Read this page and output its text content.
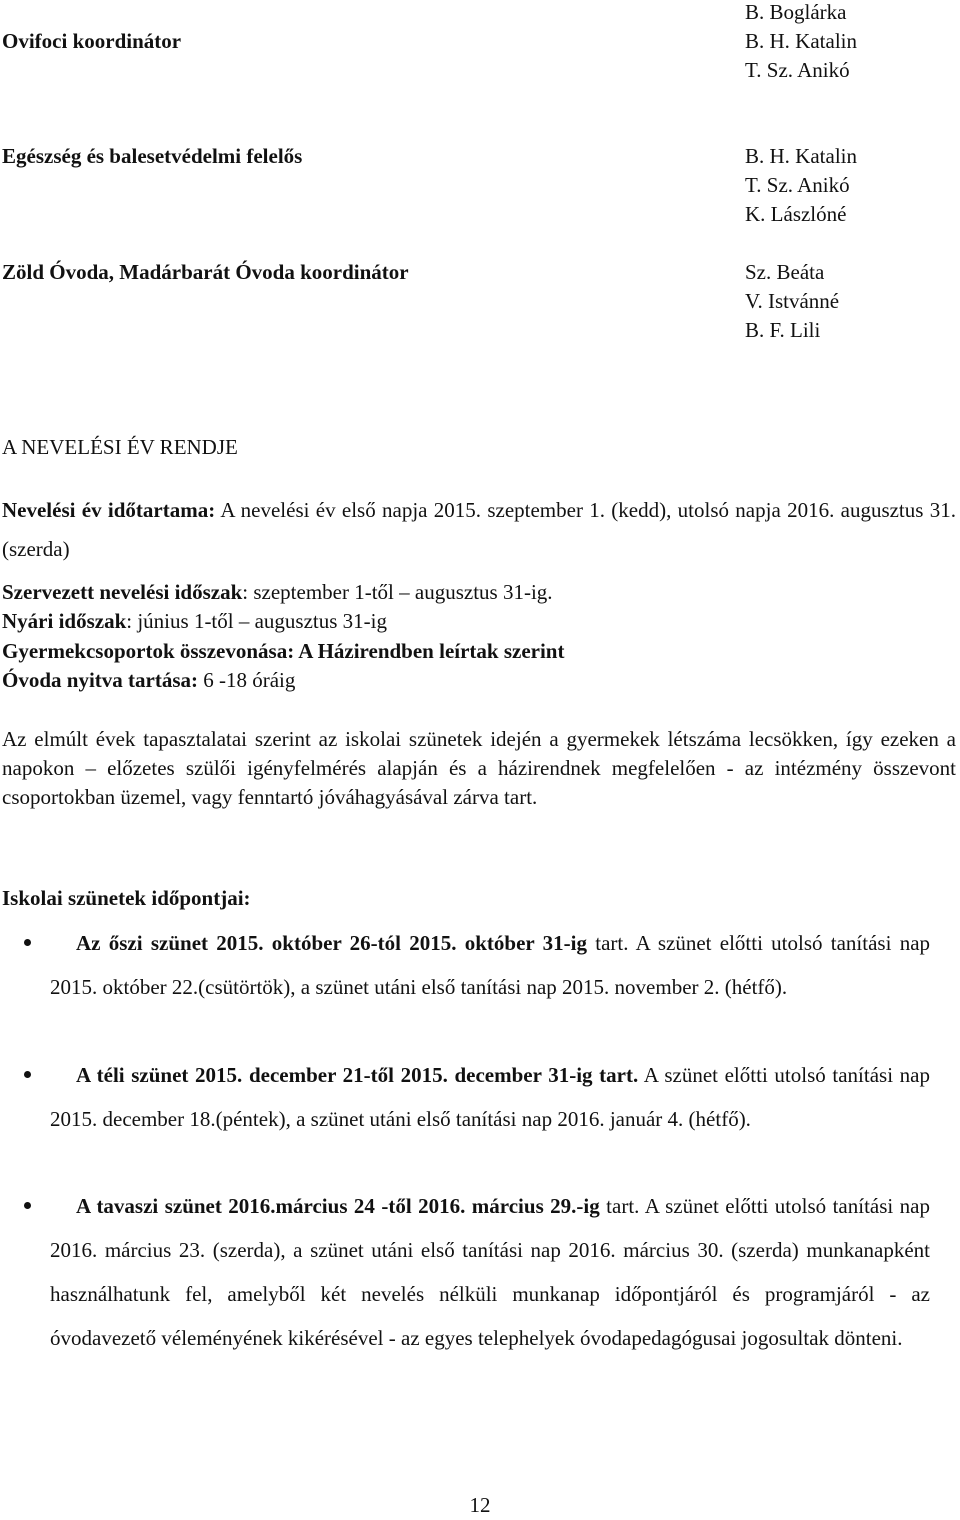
Ovifoci koordinátor
B. Boglárka
B. H. Katalin
T. Sz. Anikó
Egészség és balesetvédelmi felelős	B. H. Katalin
T. Sz. Anikó
K. Lászlóné
Zöld Óvoda, Madárbarát Óvoda koordinátor	Sz. Beáta
V. Istvánné
B. F. Lili
A NEVELÉSI ÉV RENDJE
Nevelési év időtartama: A nevelési év első napja 2015. szeptember 1. (kedd), utolsó napja 2016. augusztus 31. (szerda)
Szervezett nevelési időszak: szeptember 1-től – augusztus 31-ig.
Nyári időszak: június 1-től – augusztus 31-ig
Gyermekcsoportok összevonása: A Házirendben leírtak szerint
Óvoda nyitva tartása: 6 -18 óráig
Az elmúlt évek tapasztalatai szerint az iskolai szünetek idején a gyermekek létszáma lecsökken, így ezeken a napokon – előzetes szülői igényfelmérés alapján és a házirendnek megfelelően - az intézmény összevont csoportokban üzemel, vagy fenntartó jóváhagyásával zárva tart.
Iskolai szünetek időpontjai:

Az őszi szünet 2015. október 26-tól 2015. október 31-ig tart. A szünet előtti utolsó tanítási nap 2015. október 22.(csütörtök), a szünet utáni első tanítási nap 2015. november 2. (hétfő).

A téli szünet 2015. december 21-től 2015. december 31-ig tart. A szünet előtti utolsó tanítási nap 2015. december 18.(péntek), a szünet utáni első tanítási nap 2016. január 4. (hétfő).

A tavaszi szünet 2016.március 24 -től 2016. március 29.-ig tart. A szünet előtti utolsó tanítási nap 2016. március 23. (szerda), a szünet utáni első tanítási nap 2016. március 30. (szerda) munkanapként használhatunk fel, amelyből két nevelés nélküli munkanap időpontjáról és programjáról - az óvodavezető véleményének kikérésével - az egyes telephelyek óvodapedagógusai jogosultak dönteni.

12
